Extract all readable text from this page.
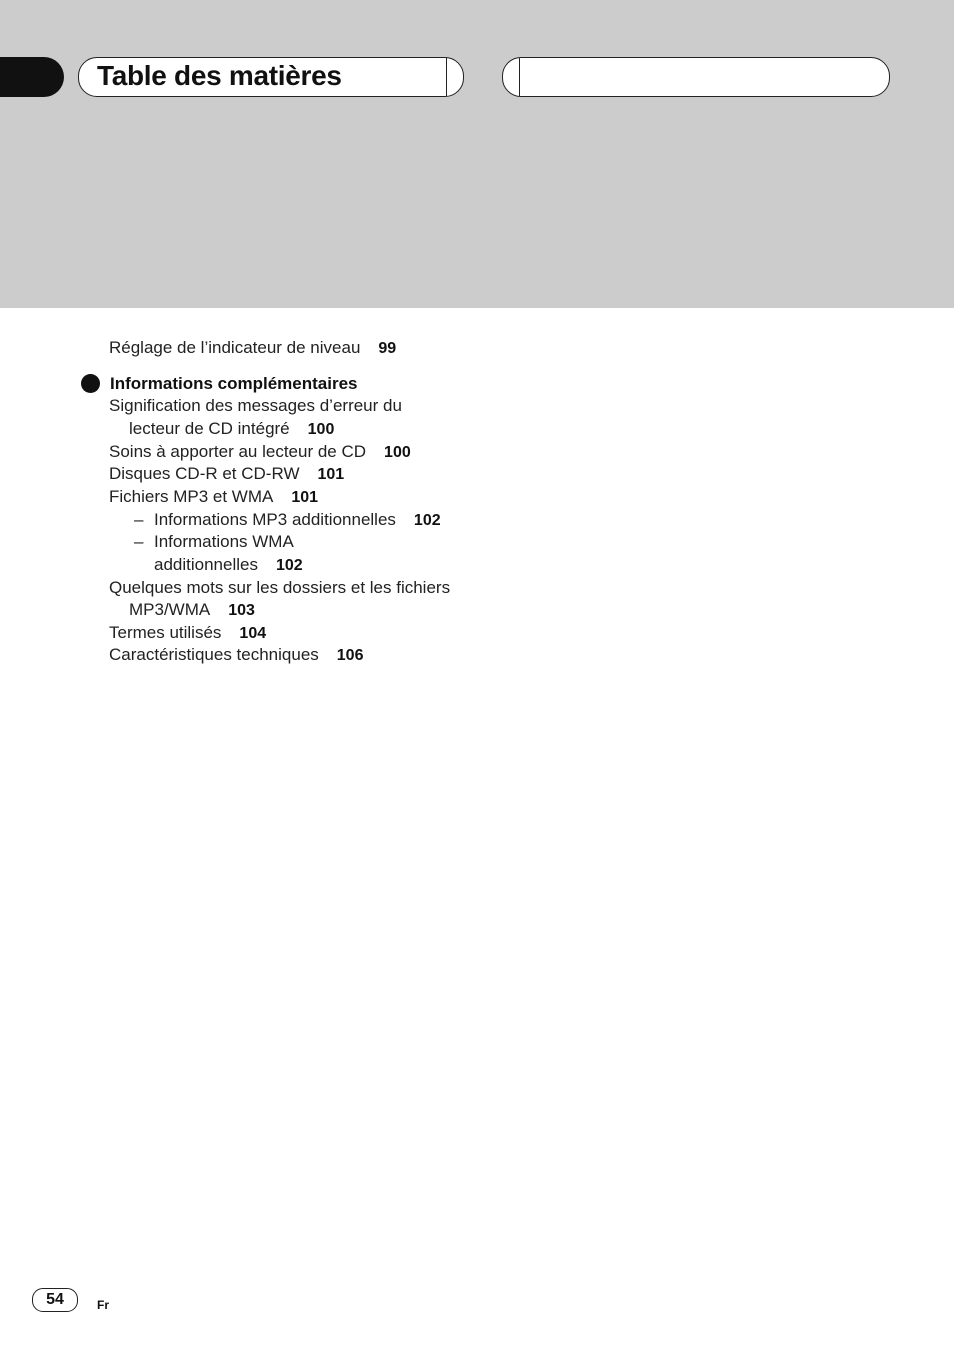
Table des matières
Réglage de l’indicateur de niveau 99
Informations complémentaires
Signification des messages d’erreur du
lecteur de CD intégré 100
Soins à apporter au lecteur de CD 100
Disques CD-R et CD-RW 101
Fichiers MP3 et WMA 101
– Informations MP3 additionnelles 102
– Informations WMA
additionnelles 102
Quelques mots sur les dossiers et les fichiers
MP3/WMA 103
Termes utilisés 104
Caractéristiques techniques 106
54	Fr
